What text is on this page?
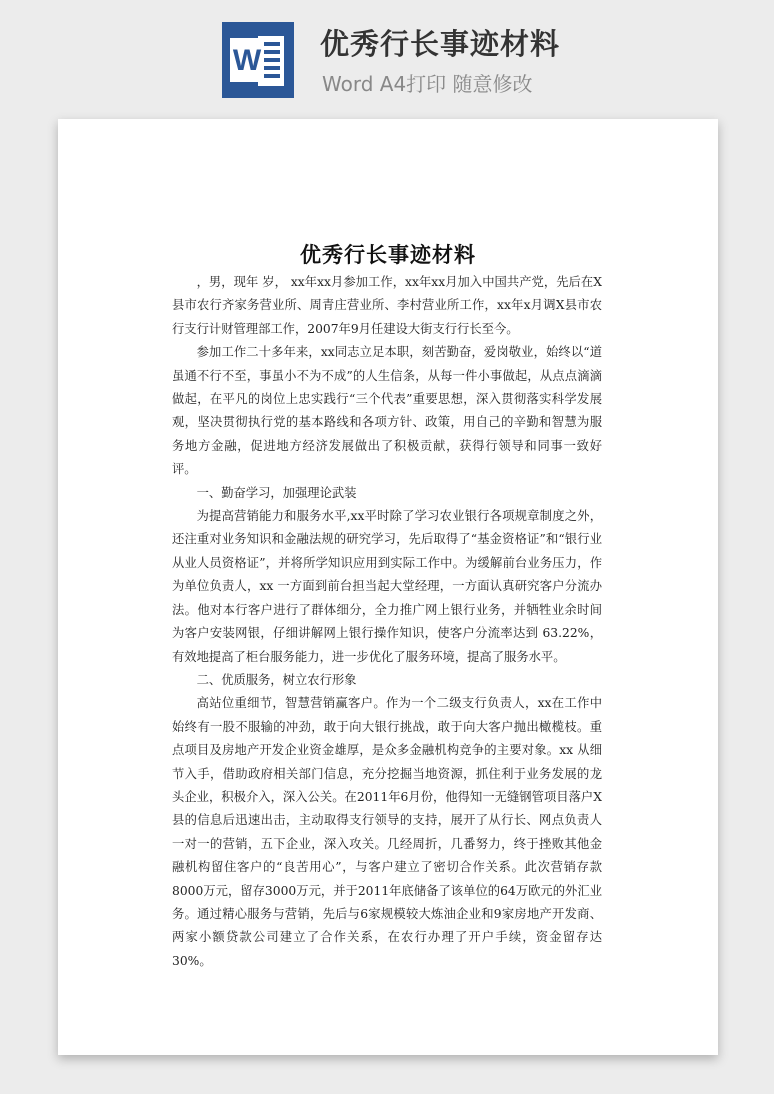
W 优秀行长事迹材料
Word A4打印 随意修改
优秀行长事迹材料

，男，现年 岁， xx年xx月参加工作，xx年xx月加入中国共产党，先后在X县市农行齐家务营业所、周青庄营业所、李村营业所工作，xx年x月调X县市农行支行计财管理部工作，2007年9月任建设大街支行行长至今。

参加工作二十多年来，xx同志立足本职，刻苦勤奋，爱岗敬业，始终以“道虽通不行不至，事虽小不为不成”的人生信条，从每一件小事做起，从点点滴滴做起，在平凡的岗位上忠实践行“三个代表”重要思想，深入贯彻落实科学发展观，坚决贯彻执行党的基本路线和各项方针、政策，用自己的辛勤和智慧为服务地方金融，促进地方经济发展做出了积极贡献，获得行领导和同事一致好评。

一、勤奋学习，加强理论武装

为提高营销能力和服务水平,xx平时除了学习农业银行各项规章制度之外，还注重对业务知识和金融法规的研究学习，先后取得了“基金资格证”和“银行业从业人员资格证”，并将所学知识应用到实际工作中。为缓解前台业务压力，作为单位负责人，xx 一方面到前台担当起大堂经理，一方面认真研究客户分流办法。他对本行客户进行了群体细分，全力推广网上银行业务，并牺牲业余时间为客户安装网银，仔细讲解网上银行操作知识，使客户分流率达到 63.22%，有效地提高了柜台服务能力，进一步优化了服务环境，提高了服务水平。

二、优质服务，树立农行形象

高站位重细节，智慧营销赢客户。作为一个二级支行负责人，xx在工作中始终有一股不服输的冲劲，敢于向大银行挑战，敢于向大客户抛出橄榄枝。重点项目及房地产开发企业资金雄厚，是众多金融机构竞争的主要对象。xx 从细节入手，借助政府相关部门信息，充分挖掘当地资源，抓住利于业务发展的龙头企业，积极介入，深入公关。在2011年6月份，他得知一无缝钢管项目落户X县的信息后迅速出击，主动取得支行领导的支持，展开了从行长、网点负责人一对一的营销，五下企业，深入攻关。几经周折，几番努力，终于挫败其他金融机构留住客户的“良苦用心”，与客户建立了密切合作关系。此次营销存款8000万元，留存3000万元，并于2011年底储备了该单位的64万欧元的外汇业务。通过精心服务与营销，先后与6家规模较大炼油企业和9家房地产开发商、两家小额贷款公司建立了合作关系，在农行办理了开户手续，资金留存达30%。
